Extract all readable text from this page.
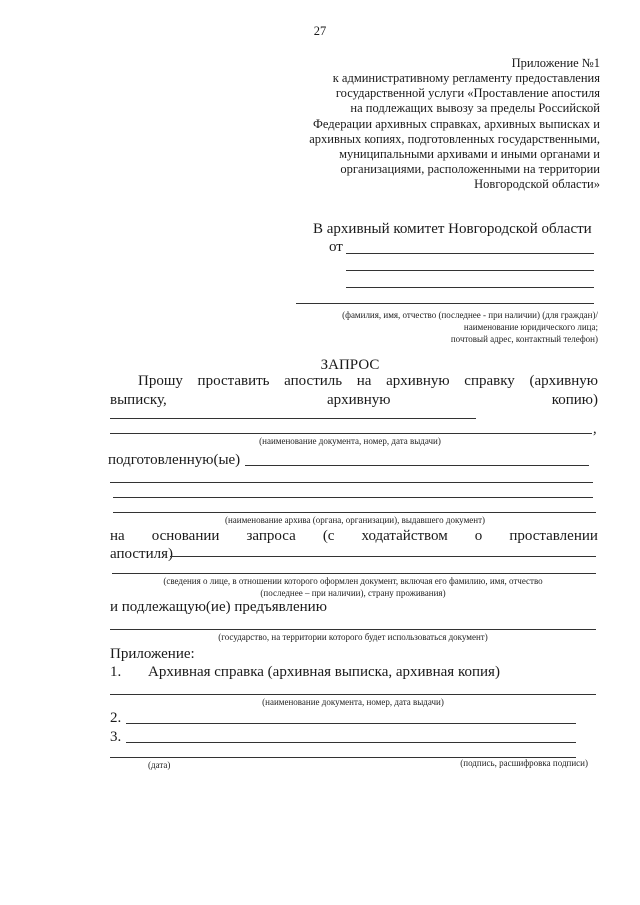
27
Приложение №1
к административному регламенту предоставления
государственной услуги «Проставление апостиля
на подлежащих вывозу за пределы Российской
Федерации архивных справках, архивных выписках и
архивных копиях, подготовленных государственными,
муниципальными архивами и иными органами и
организациями, расположенными на территории
Новгородской области»
В архивный комитет Новгородской области
от
(фамилия, имя, отчество (последнее - при наличии) (для граждан)/
наименование юридического лица;
почтовый адрес, контактный телефон)
ЗАПРОС
Прошу проставить апостиль на архивную справку (архивную
выписку,	архивную	копию)
,
(наименование документа, номер, дата выдачи)
подготовленную(ые)
(наименование архива (органа, организации), выдавшего документ)
на основании запроса (с ходатайством о проставлении
апостиля)
(сведения о лице, в отношении которого оформлен документ, включая его фамилию, имя, отчество
(последнее – при наличии), страну проживания)
и подлежащую(ие) предъявлению
(государство, на территории которого будет использоваться документ)
Приложение:
1. Архивная справка (архивная выписка, архивная копия)
(наименование документа, номер, дата выдачи)
2.
3.
(дата)	(подпись, расшифровка подписи)
